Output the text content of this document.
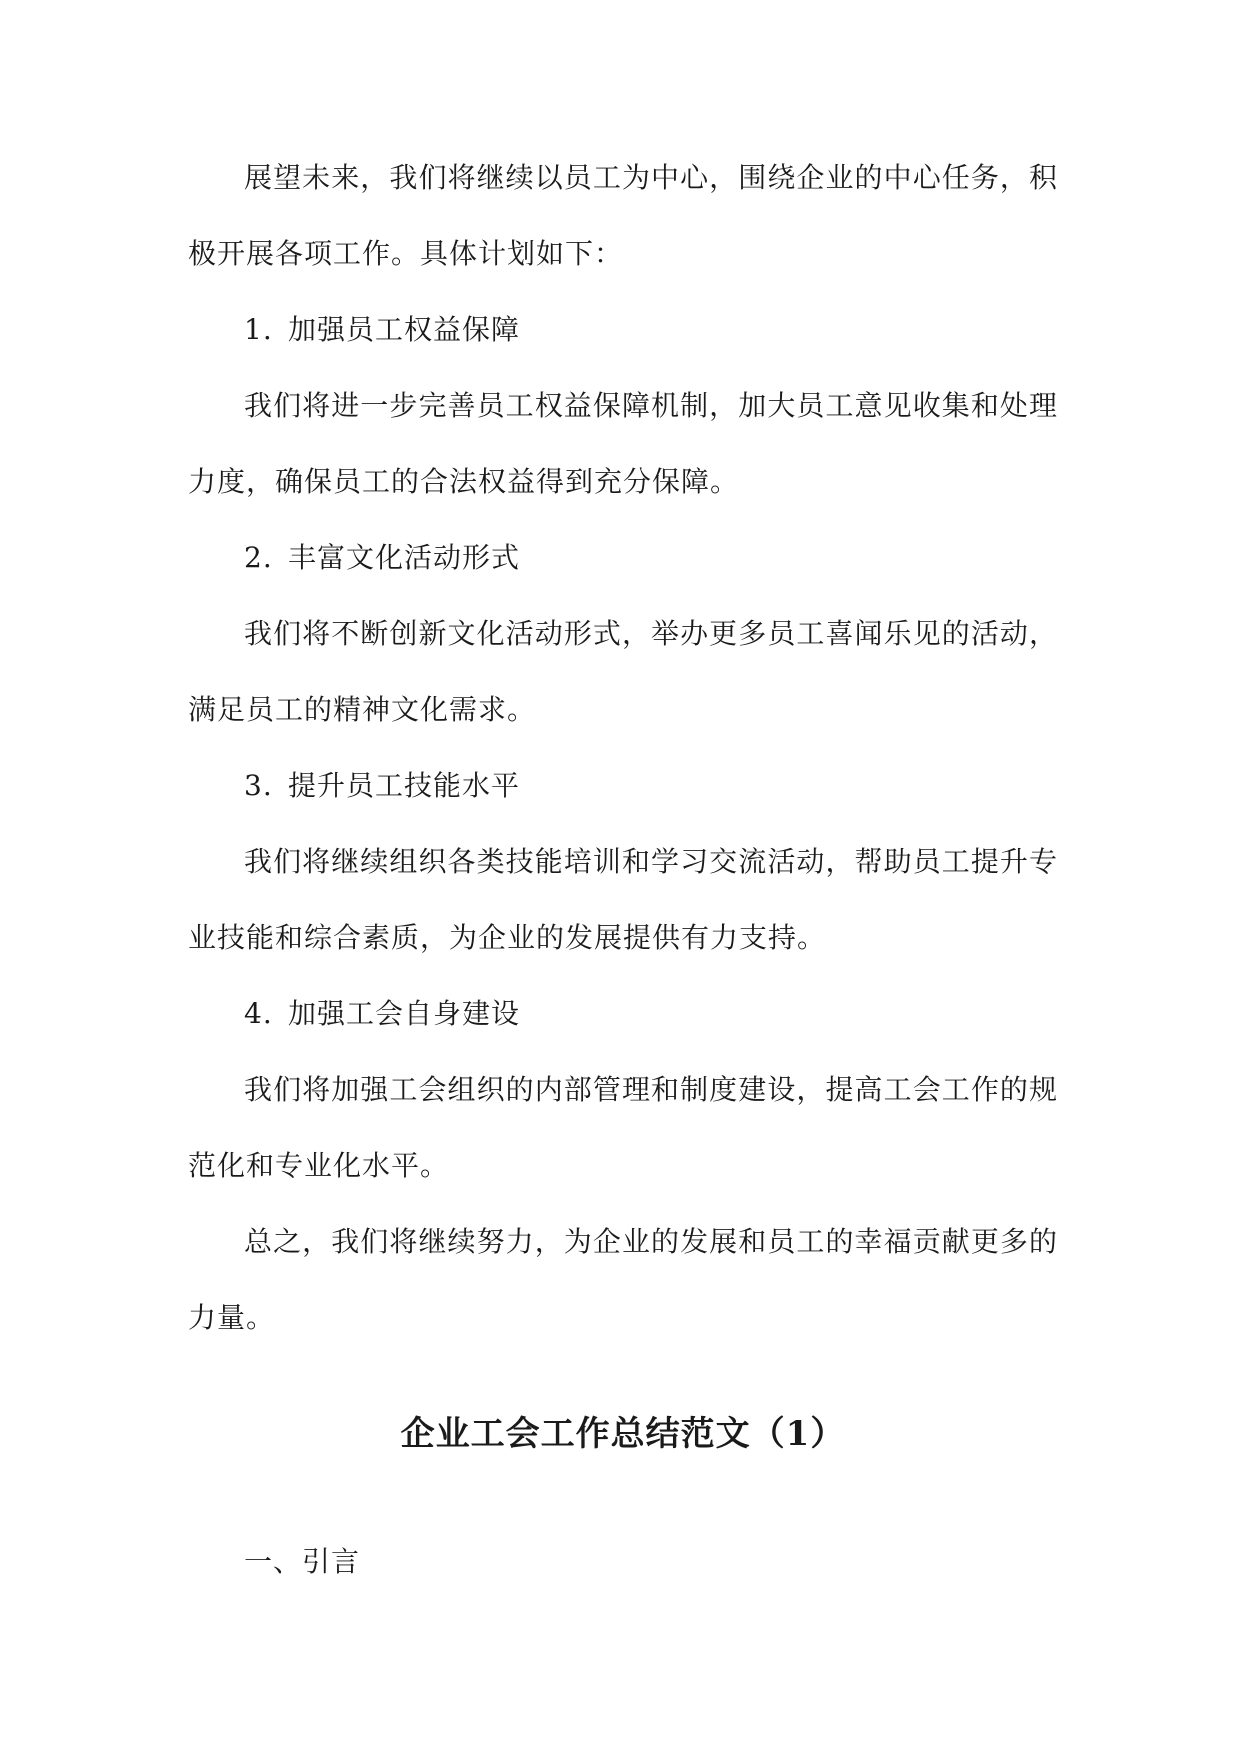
展望未来，我们将继续以员工为中心，围绕企业的中心任务，积极开展各项工作。具体计划如下：

1. 加强员工权益保障

我们将进一步完善员工权益保障机制，加大员工意见收集和处理力度，确保员工的合法权益得到充分保障。

2. 丰富文化活动形式

我们将不断创新文化活动形式，举办更多员工喜闻乐见的活动，满足员工的精神文化需求。

3. 提升员工技能水平

我们将继续组织各类技能培训和学习交流活动，帮助员工提升专业技能和综合素质，为企业的发展提供有力支持。

4. 加强工会自身建设

我们将加强工会组织的内部管理和制度建设，提高工会工作的规范化和专业化水平。

总之，我们将继续努力，为企业的发展和员工的幸福贡献更多的力量。

企业工会工作总结范文（1）

一、引言
